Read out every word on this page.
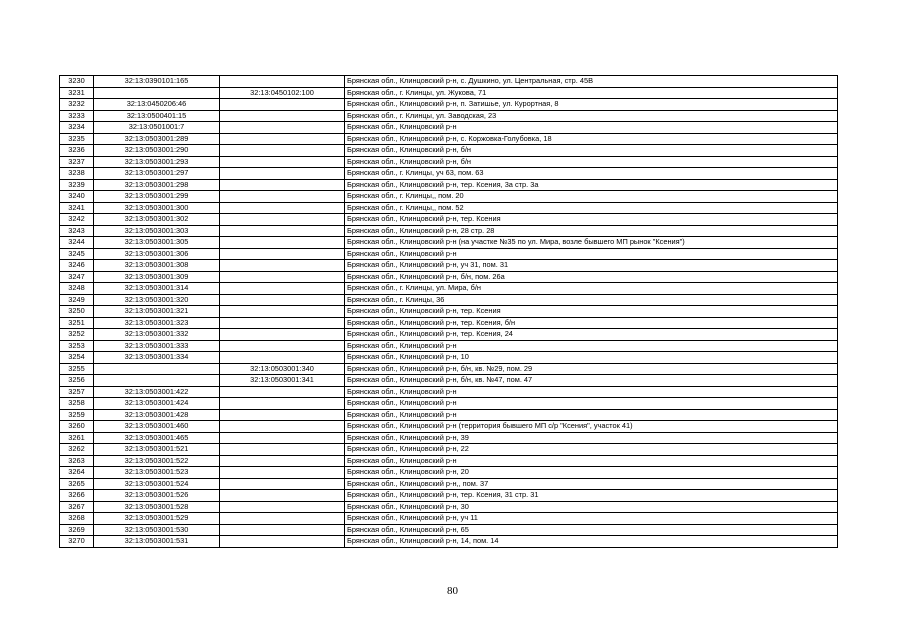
3230	32:13:0390101:165		Брянская обл., Клинцовский р-н, с. Душкино, ул. Центральная, стр. 45В
3231		32:13:0450102:100	Брянская обл., г. Клинцы, ул. Жукова, 71
3232	32:13:0450206:46		Брянская обл., Клинцовский р-н, п. Затишье, ул. Курортная, 8
3233	32:13:0500401:15		Брянская обл., г. Клинцы, ул. Заводская, 23
3234	32:13:0501001:7		Брянская обл., Клинцовский р-н
3235	32:13:0503001:289		Брянская обл., Клинцовский р-н, с. Коржовка-Голубовка, 18
3236	32:13:0503001:290		Брянская обл., Клинцовский р-н, б/н
3237	32:13:0503001:293		Брянская обл., Клинцовский р-н, б/н
3238	32:13:0503001:297		Брянская обл., г. Клинцы, уч 63, пом. 63
3239	32:13:0503001:298		Брянская обл., Клинцовский р-н, тер. Ксения, 3а стр. 3а
3240	32:13:0503001:299		Брянская обл., г. Клинцы,, пом. 20
3241	32:13:0503001:300		Брянская обл., г. Клинцы,, пом. 52
3242	32:13:0503001:302		Брянская обл., Клинцовский р-н, тер. Ксения
3243	32:13:0503001:303		Брянская обл., Клинцовский р-н, 28 стр. 28
3244	32:13:0503001:305		Брянская обл., Клинцовский р-н (на участке №35 по ул. Мира, возле бывшего МП рынок "Ксения")
3245	32:13:0503001:306		Брянская обл., Клинцовский р-н
3246	32:13:0503001:308		Брянская обл., Клинцовский р-н, уч 31, пом. 31
3247	32:13:0503001:309		Брянская обл., Клинцовский р-н, б/н, пом. 26а
3248	32:13:0503001:314		Брянская обл., г. Клинцы, ул. Мира, б/н
3249	32:13:0503001:320		Брянская обл., г. Клинцы, 36
3250	32:13:0503001:321		Брянская обл., Клинцовский р-н, тер. Ксения
3251	32:13:0503001:323		Брянская обл., Клинцовский р-н, тер. Ксения, б/н
3252	32:13:0503001:332		Брянская обл., Клинцовский р-н, тер. Ксения, 24
3253	32:13:0503001:333		Брянская обл., Клинцовский р-н
3254	32:13:0503001:334		Брянская обл., Клинцовский р-н, 10
3255		32:13:0503001:340	Брянская обл., Клинцовский р-н, б/н, кв. №29, пом. 29
3256		32:13:0503001:341	Брянская обл., Клинцовский р-н, б/н, кв. №47, пом. 47
3257	32:13:0503001:422		Брянская обл., Клинцовский р-н
3258	32:13:0503001:424		Брянская обл., Клинцовский р-н
3259	32:13:0503001:428		Брянская обл., Клинцовский р-н
3260	32:13:0503001:460		Брянская обл., Клинцовский р-н (территория бывшего МП с/р "Ксения", участок 41)
3261	32:13:0503001:465		Брянская обл., Клинцовский р-н, 39
3262	32:13:0503001:521		Брянская обл., Клинцовский р-н, 22
3263	32:13:0503001:522		Брянская обл., Клинцовский р-н
3264	32:13:0503001:523		Брянская обл., Клинцовский р-н, 20
3265	32:13:0503001:524		Брянская обл., Клинцовский р-н,, пом. 37
3266	32:13:0503001:526		Брянская обл., Клинцовский р-н, тер. Ксения, 31 стр. 31
3267	32:13:0503001:528		Брянская обл., Клинцовский р-н, 30
3268	32:13:0503001:529		Брянская обл., Клинцовский р-н, уч 11
3269	32:13:0503001:530		Брянская обл., Клинцовский р-н, 65
3270	32:13:0503001:531		Брянская обл., Клинцовский р-н, 14, пом. 14
80
